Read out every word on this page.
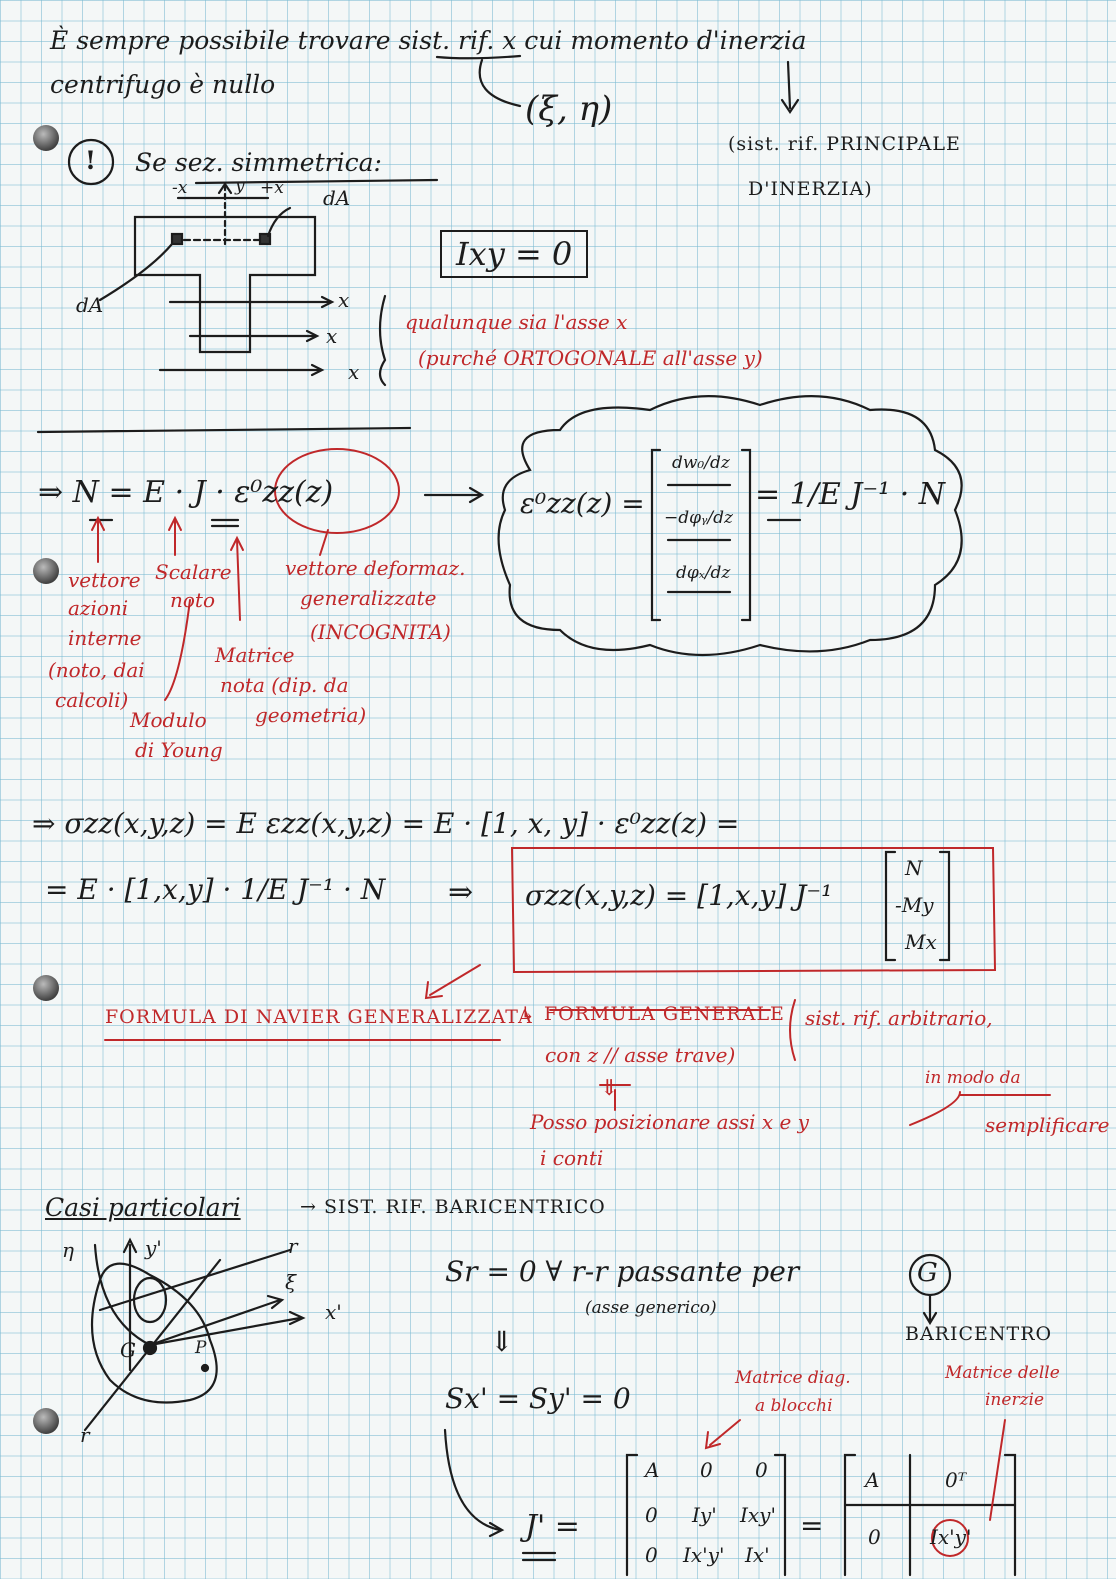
È sempre possibile trovare sist. rif. x cui momento d'inerzia
centrifugo è nullo
(ξ, η)
(sist. rif. PRINCIPALE
D'INERZIA)
! Se sez. simmetrica:
Ixy = 0
dA
dA
-x	y +x
x
x
x
qualunque sia l'asse x
(purché ORTOGONALE all'asse y)
⇒ N = E · J · ε⁰zz(z)	ε⁰zz(z) =
dw₀/dz
−dφᵧ/dz
dφₓ/dz
= 1/E J⁻¹ · N
vettore
azioni
interne
(noto, dai
calcoli)
Scalare
noto
Modulo
di Young
Matrice
nota (dip. da
geometria)
vettore deformaz.
generalizzate
(INCOGNITA)
⇒ σzz(x,y,z) = E εzz(x,y,z) = E · [1, x, y] · ε⁰zz(z) =
= E · [1,x,y] · 1/E J⁻¹ · N ⇒ σzz(x,y,z) = [1,x,y] J⁻¹
N
-My
Mx
FORMULA DI NAVIER GENERALIZZATA
↳ FORMULA GENERALE sist. rif. arbitrario,
con z // asse trave)
⇓
Posso posizionare assi x e y
in modo da
semplificare
i conti
Casi particolari	→ SIST. RIF. BARICENTRICO
Sr = 0 ∀ r-r passante per	G
(asse generico)
BARICENTRO
⇓
Sx' = Sy' = 0
Matrice diag.
a blocchi
Matrice delle
inerzie
J' =
A 0 0
0 Iy' Ixy'
0 Ix'y' Ix'
=
A	0ᵀ
0 Ix'y'
η	y'	r
ξ
x'
G	P
r
